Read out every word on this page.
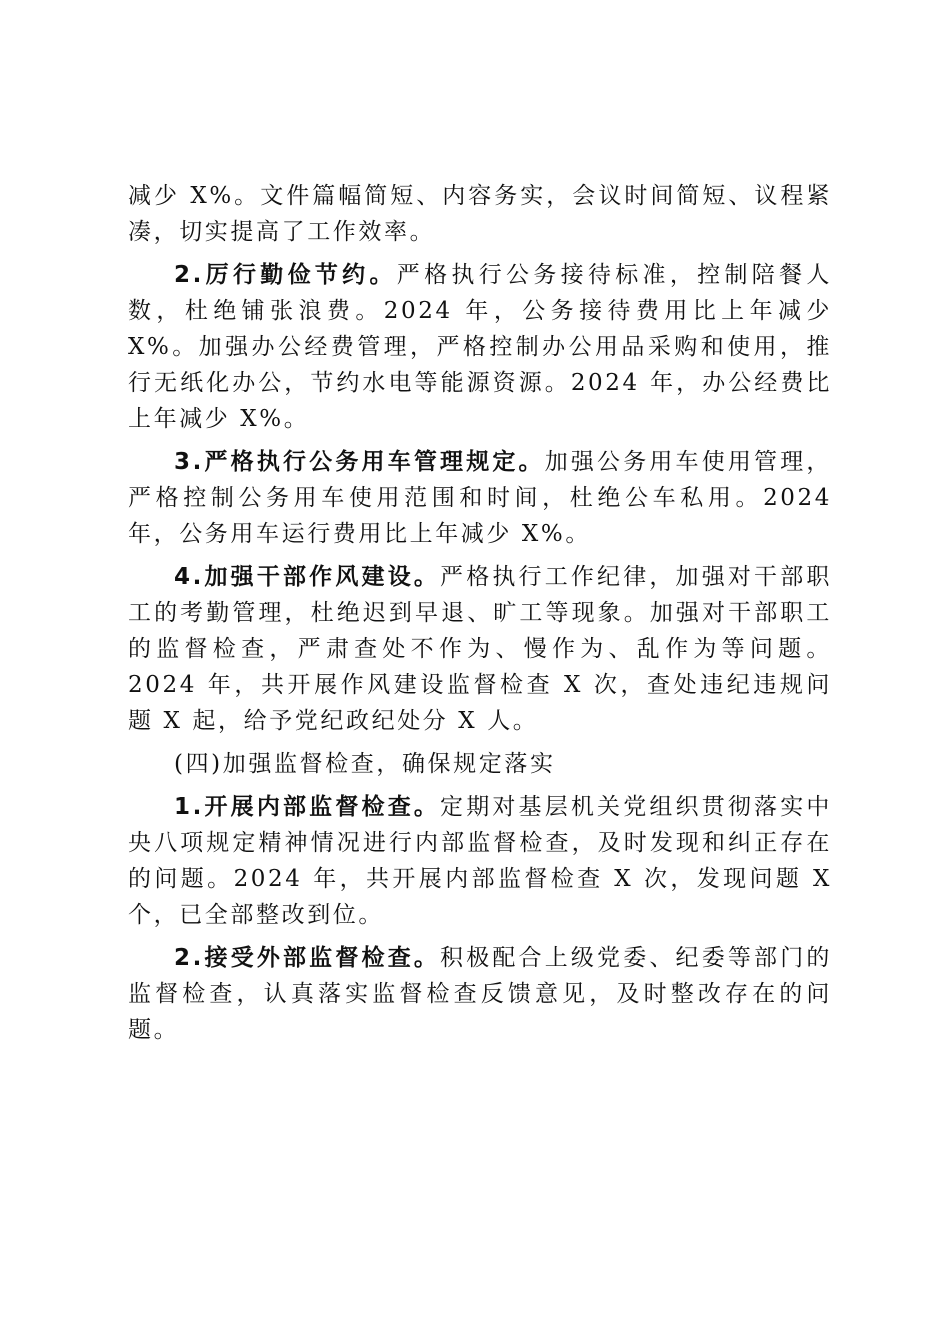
减少 X%。文件篇幅简短、内容务实，会议时间简短、议程紧凑，切实提高了工作效率。

2.厉行勤俭节约。严格执行公务接待标准，控制陪餐人数，杜绝铺张浪费。2024 年，公务接待费用比上年减少 X%。加强办公经费管理，严格控制办公用品采购和使用，推行无纸化办公，节约水电等能源资源。2024 年，办公经费比上年减少 X%。

3.严格执行公务用车管理规定。加强公务用车使用管理，严格控制公务用车使用范围和时间，杜绝公车私用。2024 年，公务用车运行费用比上年减少 X%。

4.加强干部作风建设。严格执行工作纪律，加强对干部职工的考勤管理，杜绝迟到早退、旷工等现象。加强对干部职工的监督检查，严肃查处不作为、慢作为、乱作为等问题。2024 年，共开展作风建设监督检查 X 次，查处违纪违规问题 X 起，给予党纪政纪处分 X 人。

(四)加强监督检查，确保规定落实

1.开展内部监督检查。定期对基层机关党组织贯彻落实中央八项规定精神情况进行内部监督检查，及时发现和纠正存在的问题。2024 年，共开展内部监督检查 X 次，发现问题 X 个，已全部整改到位。

2.接受外部监督检查。积极配合上级党委、纪委等部门的监督检查，认真落实监督检查反馈意见，及时整改存在的问题。
